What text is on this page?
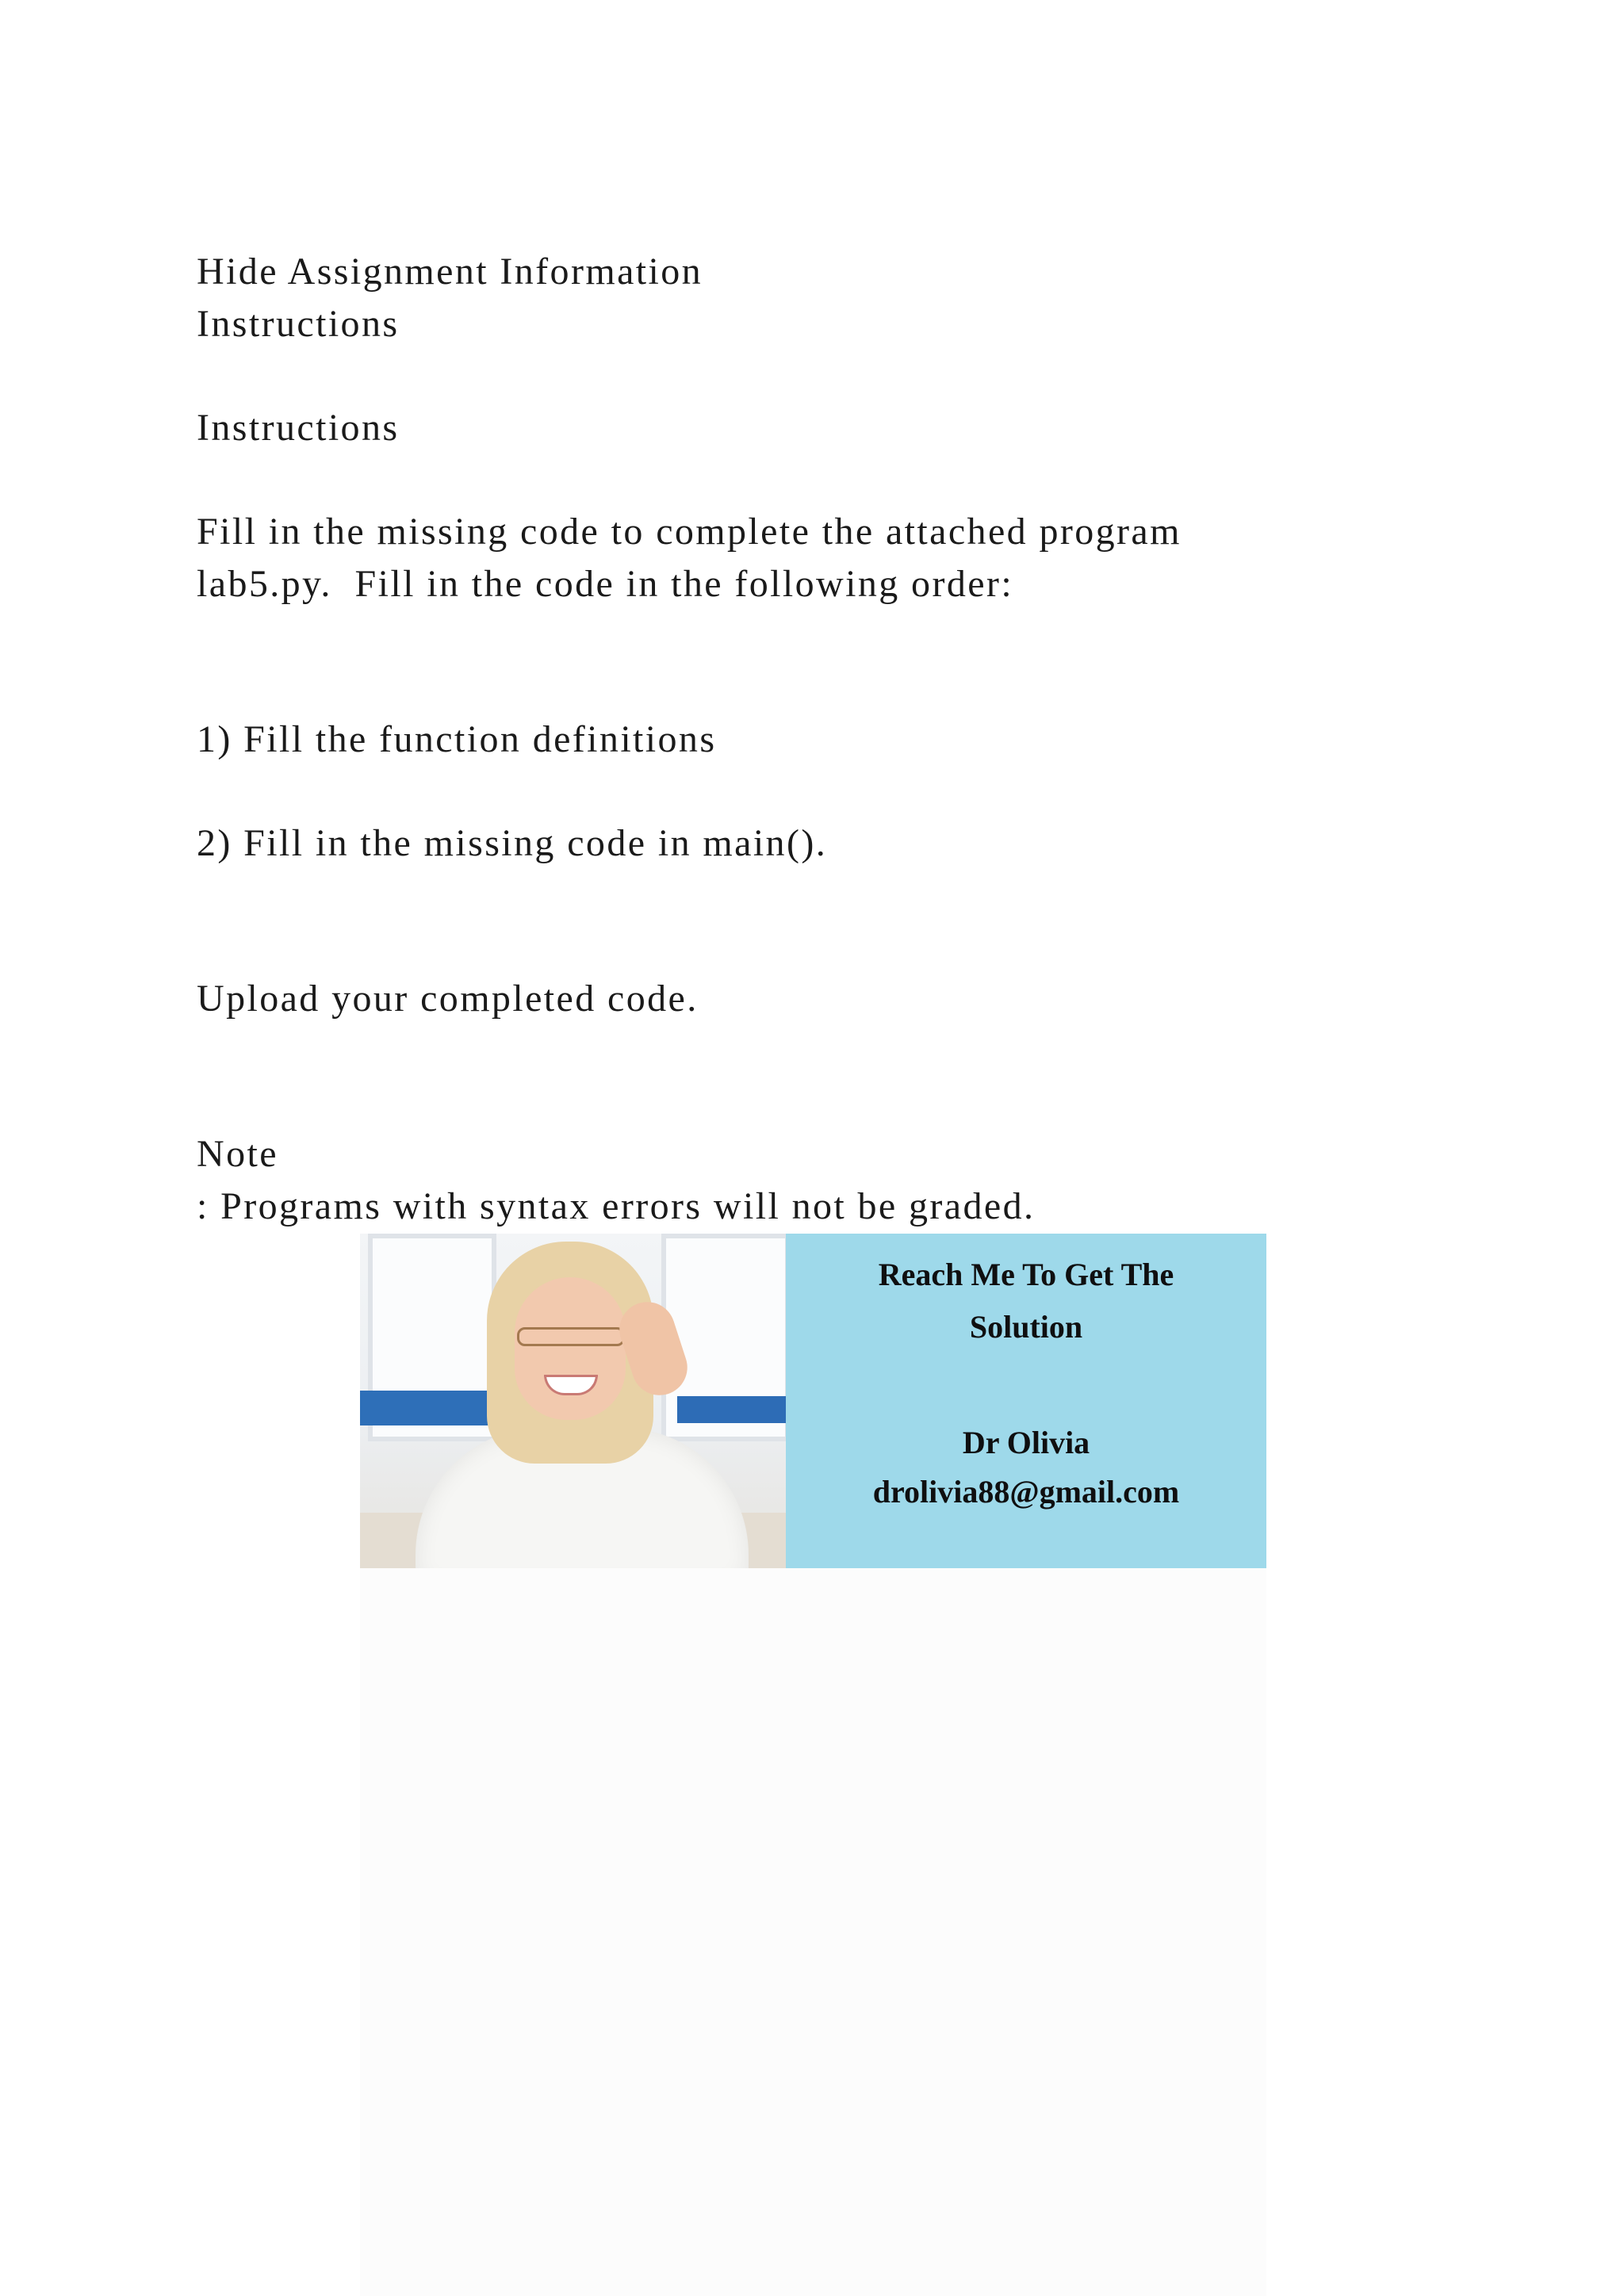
Hide Assignment Information

Instructions

Instructions

Fill in the missing code to complete the attached program

lab5.py.  Fill in the code in the following order:

1) Fill the function definitions

2) Fill in the missing code in main().

Upload your completed code.

Note

: Programs with syntax errors will not be graded.

Reach Me To Get The
Solution
Dr Olivia
drolivia88@gmail.com
